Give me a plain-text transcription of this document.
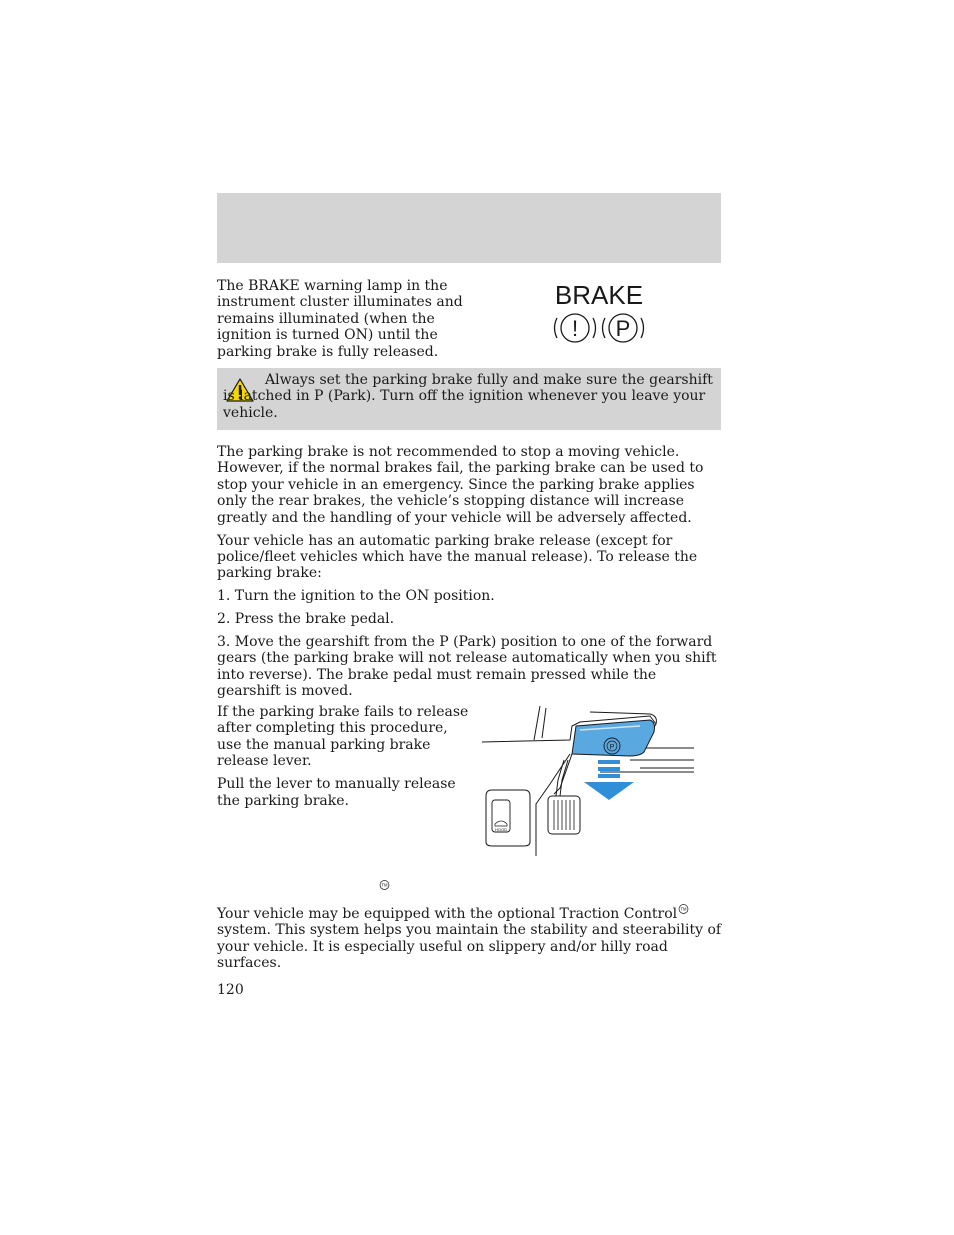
The BRAKE warning lamp in the instrument cluster illuminates and remains illuminated (when the ignition is turned ON) until the parking brake is fully released.
BRAKE
! P

Always set the parking brake fully and make sure the gearshift is latched in P (Park). Turn off the ignition whenever you leave your vehicle.

The parking brake is not recommended to stop a moving vehicle. However, if the normal brakes fail, the parking brake can be used to stop your vehicle in an emergency. Since the parking brake applies only the rear brakes, the vehicle’s stopping distance will increase greatly and the handling of your vehicle will be adversely affected.

Your vehicle has an automatic parking brake release (except for police/fleet vehicles which have the manual release). To release the parking brake:

1. Turn the ignition to the ON position.

2. Press the brake pedal.

3. Move the gearshift from the P (Park) position to one of the forward gears (the parking brake will not release automatically when you shift into reverse). The brake pedal must remain pressed while the gearshift is moved.

If the parking brake fails to release after completing this procedure, use the manual parking brake release lever.

Pull the lever to manually release the parking brake.

P
HOOD
TM

Your vehicle may be equipped with the optional Traction Control TM
system. This system helps you maintain the stability and steerability of your vehicle. It is especially useful on slippery and/or hilly road surfaces.

120
